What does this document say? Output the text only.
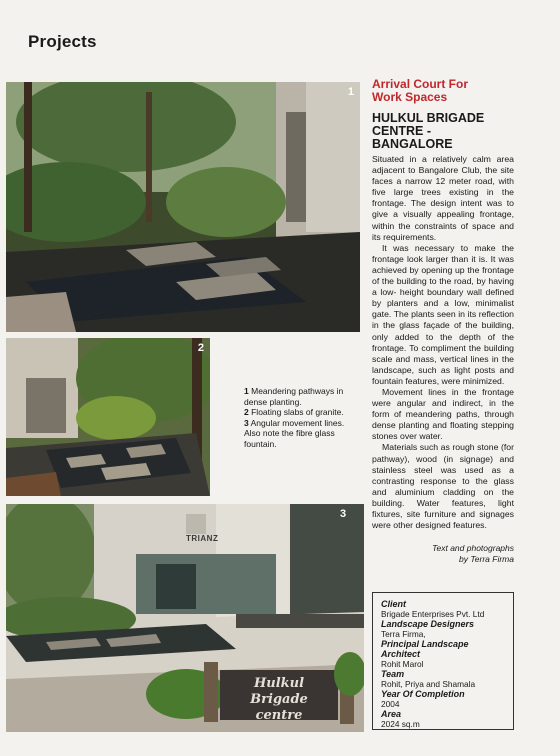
Projects
1
2
1 Meandering pathways in dense planting.
2 Floating slabs of granite.
3 Angular movement lines. Also note the fibre glass fountain.
3
TRIANZ
Hulkul
Brigade centre
Arrival Court For
Work Spaces
HULKUL BRIGADE
CENTRE -
BANGALORE

Situated in a relatively calm area adjacent to Bangalore Club, the site faces a narrow 12 meter road, with five large trees existing in the frontage. The design intent was to give a visually appealing frontage, within the constraints of space and its requirements.

It was necessary to make the frontage look larger than it is. It was achieved by opening up the frontage of the building to the road, by having a low- height boundary wall defined by planters and a low, minimalist gate. The plants seen in its reflection in the glass façade of the building, only added to the depth of the frontage. To compliment the building scale and mass, vertical lines in the landscape, such as light posts and fountain features, were minimized.

Movement lines in the frontage were angular and indirect, in the form of meandering paths, through dense planting and floating stepping stones over water.

Materials such as rough stone (for pathway), wood (in signage) and stainless steel was used as a contrasting response to the glass and aluminium cladding on the building. Water features, light fixtures, site furniture and signages were other designed features.

Text and photographs
by Terra Firma
Client
Brigade Enterprises Pvt. Ltd
Landscape Designers
Terra Firma,
Principal Landscape Architect
Rohit Marol
Team
Rohit, Priya and Shamala
Year Of Completion
2004
Area
2024 sq.m
